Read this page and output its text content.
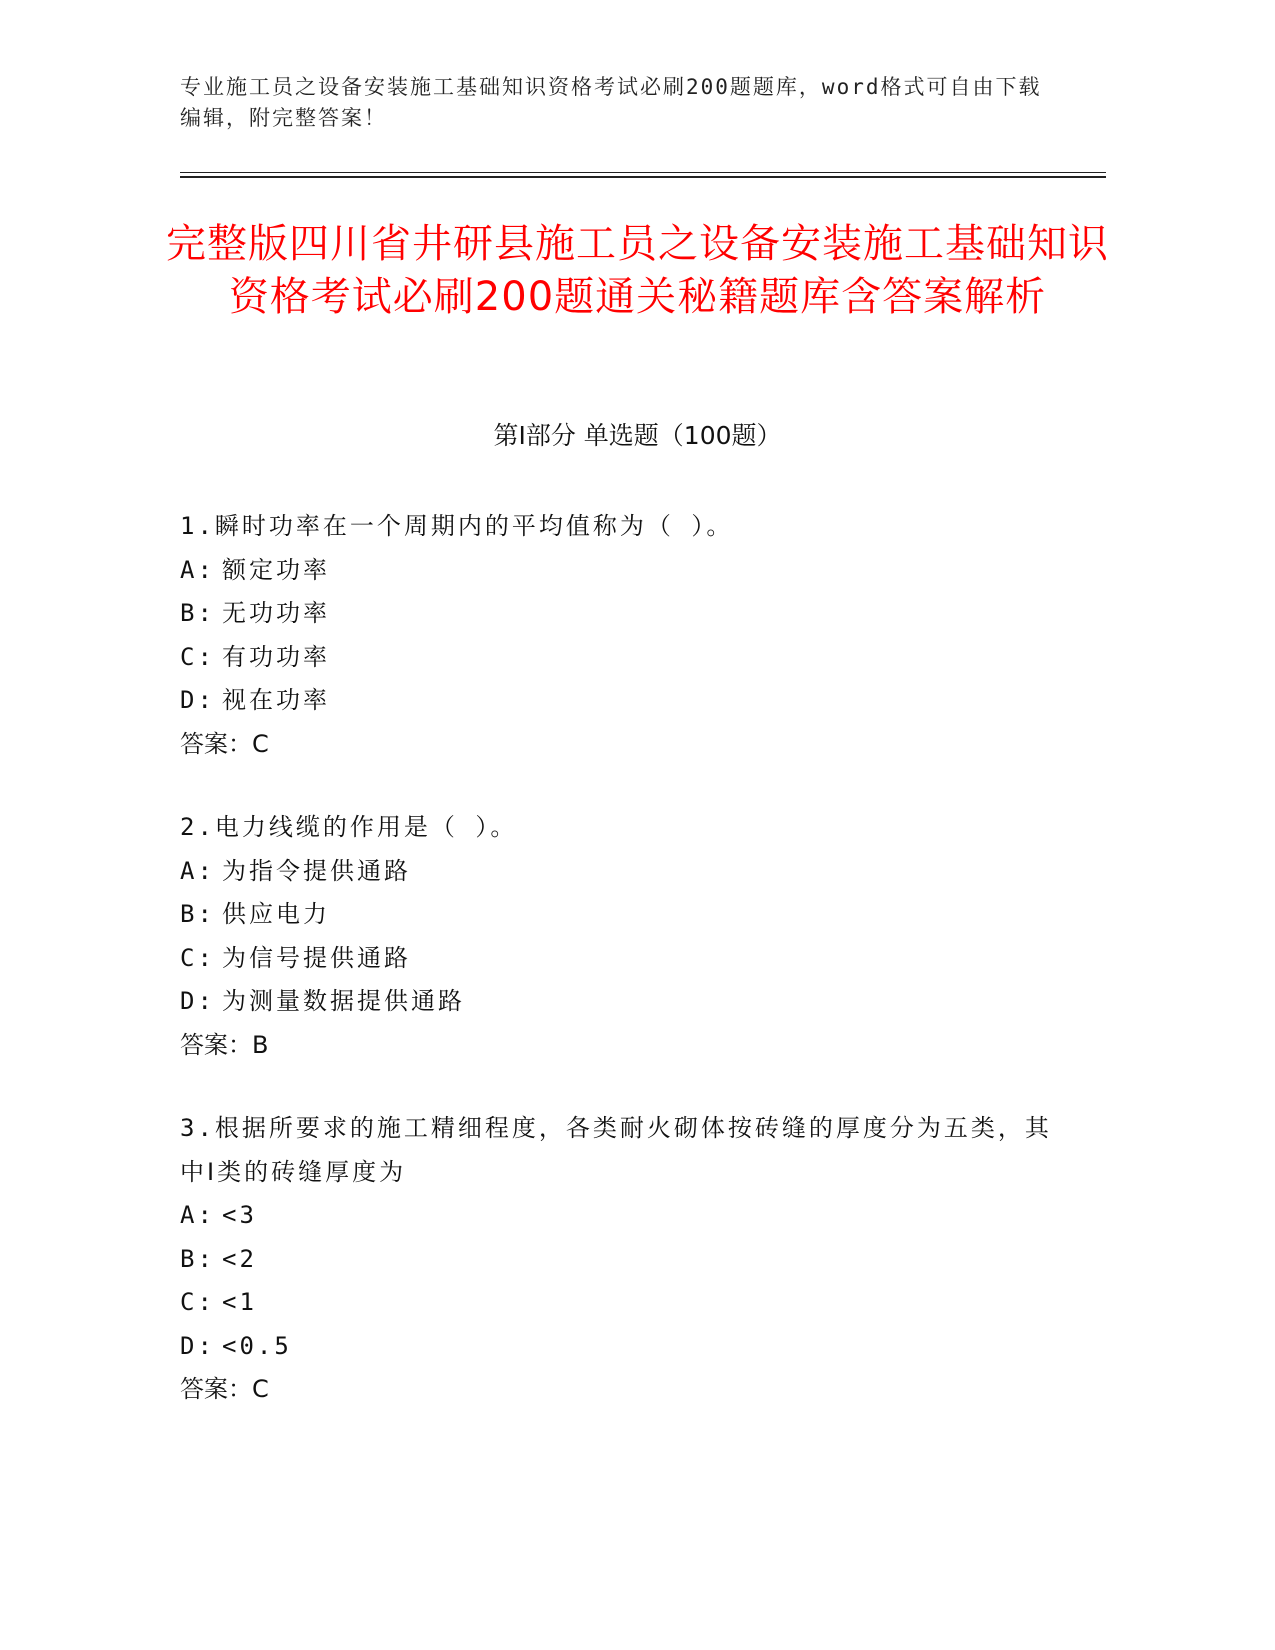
专业施工员之设备安装施工基础知识资格考试必刷200题题库，word格式可自由下载编辑，附完整答案！
完整版四川省井研县施工员之设备安装施工基础知识资格考试必刷200题通关秘籍题库含答案解析
第Ⅰ部分 单选题（100题）
1.瞬时功率在一个周期内的平均值称为（ ）。
A: 额定功率
B: 无功功率
C: 有功功率
D: 视在功率
答案：C
2.电力线缆的作用是（ ）。
A: 为指令提供通路
B: 供应电力
C: 为信号提供通路
D: 为测量数据提供通路
答案：B
3.根据所要求的施工精细程度，各类耐火砌体按砖缝的厚度分为五类，其中Ⅰ类的砖缝厚度为
A: <3
B: <2
C: <1
D: <0.5
答案：C
